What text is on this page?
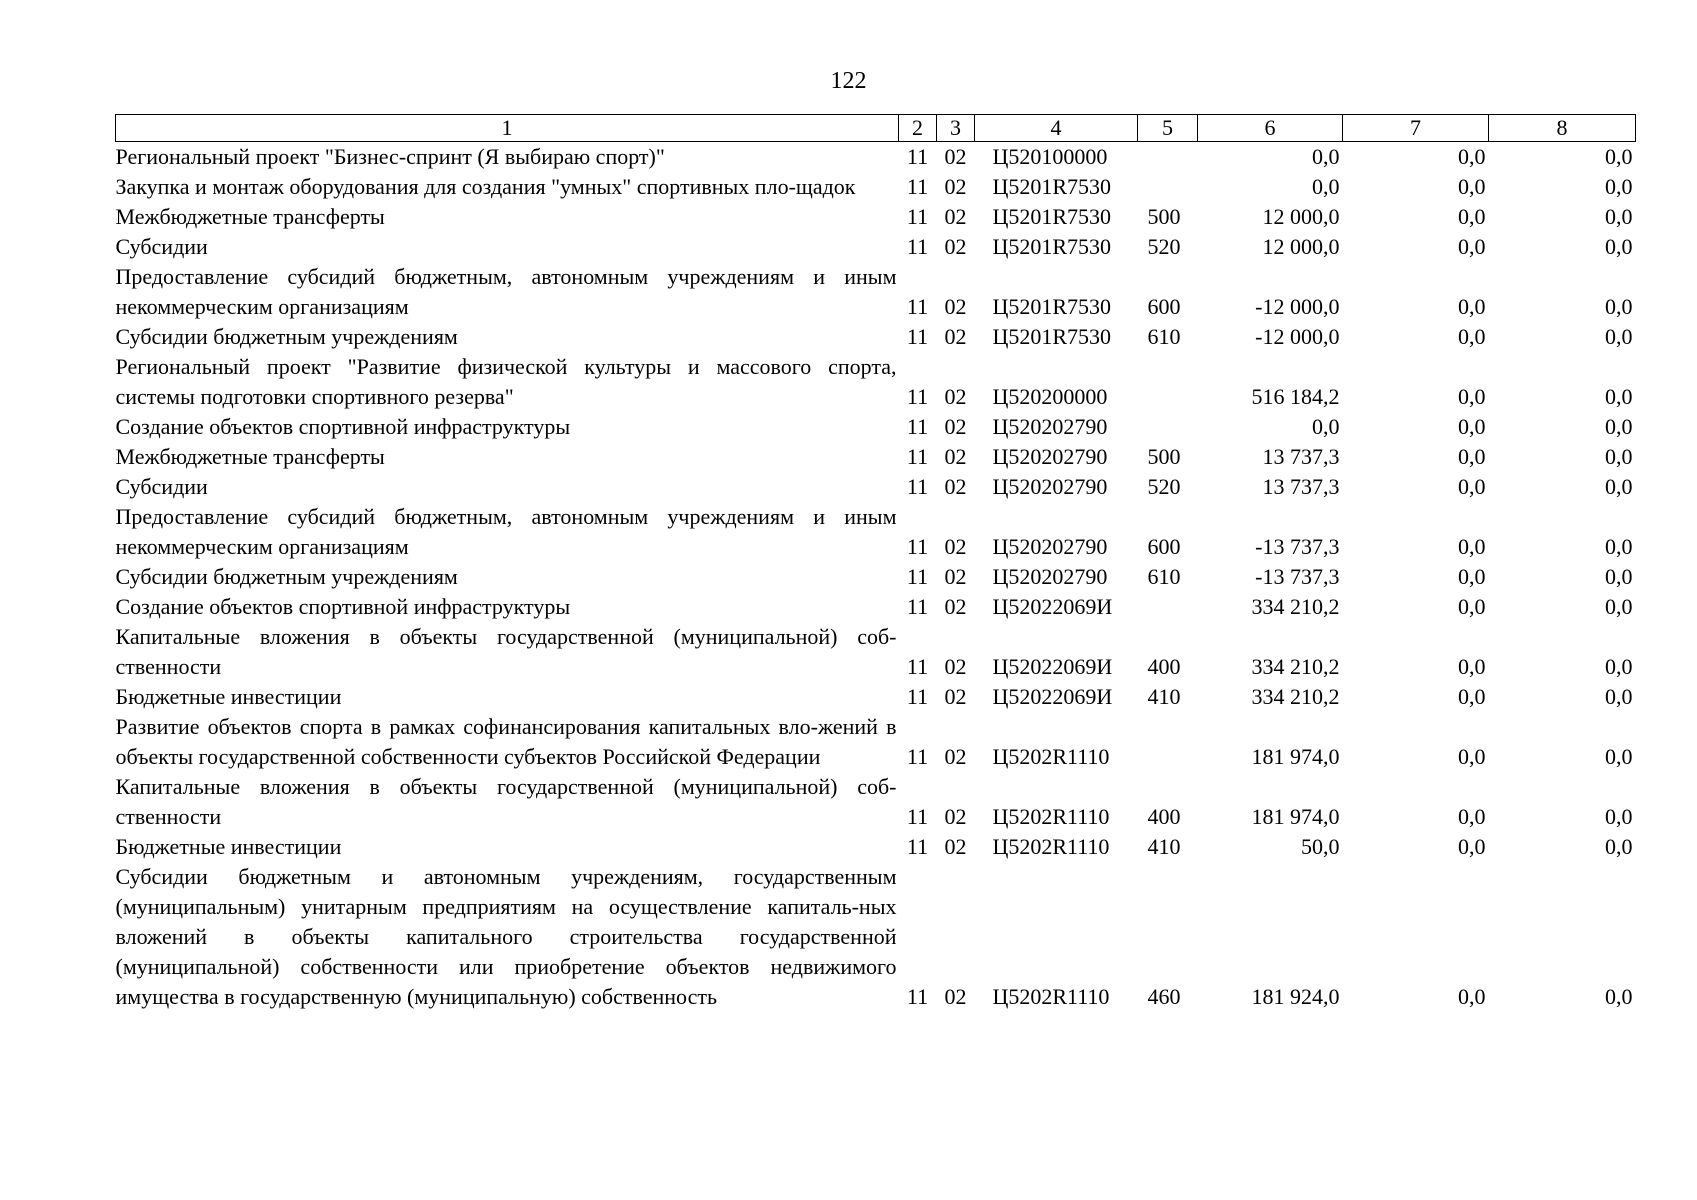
122
1	2	3	4	5	6	7	8
Региональный проект "Бизнес-спринт (Я выбираю спорт)"	11	02	Ц520100000		0,0	0,0	0,0
Закупка и монтаж оборудования для создания "умных" спортивных пло-щадок	11	02	Ц5201R7530		0,0	0,0	0,0
Межбюджетные трансферты	11	02	Ц5201R7530	500	12 000,0	0,0	0,0
Субсидии	11	02	Ц5201R7530	520	12 000,0	0,0	0,0
Предоставление субсидий бюджетным, автономным учреждениям и иным некоммерческим организациям	11	02	Ц5201R7530	600	-12 000,0	0,0	0,0
Субсидии бюджетным учреждениям	11	02	Ц5201R7530	610	-12 000,0	0,0	0,0
Региональный проект "Развитие физической культуры и массового спорта, системы подготовки спортивного резерва"	11	02	Ц520200000		516 184,2	0,0	0,0
Создание объектов спортивной инфраструктуры	11	02	Ц520202790		0,0	0,0	0,0
Межбюджетные трансферты	11	02	Ц520202790	500	13 737,3	0,0	0,0
Субсидии	11	02	Ц520202790	520	13 737,3	0,0	0,0
Предоставление субсидий бюджетным, автономным учреждениям и иным некоммерческим организациям	11	02	Ц520202790	600	-13 737,3	0,0	0,0
Субсидии бюджетным учреждениям	11	02	Ц520202790	610	-13 737,3	0,0	0,0
Создание объектов спортивной инфраструктуры	11	02	Ц52022069И		334 210,2	0,0	0,0
Капитальные вложения в объекты государственной (муниципальной) соб-ственности	11	02	Ц52022069И	400	334 210,2	0,0	0,0
Бюджетные инвестиции	11	02	Ц52022069И	410	334 210,2	0,0	0,0
Развитие объектов спорта в рамках софинансирования капитальных вло-жений в объекты государственной собственности субъектов Российской Федерации	11	02	Ц5202R1110		181 974,0	0,0	0,0
Капитальные вложения в объекты государственной (муниципальной) соб-ственности	11	02	Ц5202R1110	400	181 974,0	0,0	0,0
Бюджетные инвестиции	11	02	Ц5202R1110	410	50,0	0,0	0,0
Субсидии бюджетным и автономным учреждениям, государственным (муниципальным) унитарным предприятиям на осуществление капиталь-ных вложений в объекты капитального строительства государственной (муниципальной) собственности или приобретение объектов недвижимого имущества в государственную (муниципальную) собственность	11	02	Ц5202R1110	460	181 924,0	0,0	0,0
